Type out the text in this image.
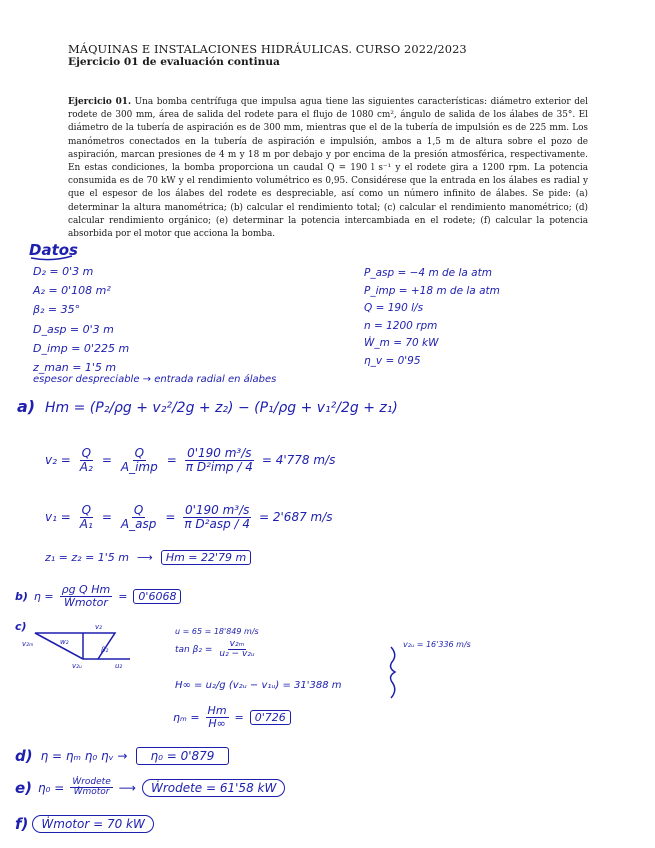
MÁQUINAS E INSTALACIONES HIDRÁULICAS. CURSO 2022/2023
Ejercicio 01 de evaluación continua
Ejercicio 01. Una bomba centrífuga que impulsa agua tiene las siguientes características: diámetro exterior del rodete de 300 mm, área de salida del rodete para el flujo de 1080 cm², ángulo de salida de los álabes de 35°. El diámetro de la tubería de aspiración es de 300 mm, mientras que el de la tubería de impulsión es de 225 mm. Los manómetros conectados en la tubería de aspiración e impulsión, ambos a 1,5 m de altura sobre el pozo de aspiración, marcan presiones de 4 m y 18 m por debajo y por encima de la presión atmosférica, respectivamente. En estas condiciones, la bomba proporciona un caudal Q = 190 l s⁻¹ y el rodete gira a 1200 rpm. La potencia consumida es de 70 kW y el rendimiento volumétrico es 0,95. Considérese que la entrada en los álabes es radial y que el espesor de los álabes del rodete es despreciable, así como un número infinito de álabes. Se pide: (a) determinar la altura manométrica; (b) calcular el rendimiento total; (c) calcular el rendimiento manométrico; (d) calcular rendimiento orgánico; (e) determinar la potencia intercambiada en el rodete; (f) calcular la potencia absorbida por el motor que acciona la bomba.
Datos
D₂ = 0'3 m
A₂ = 0'108 m²
β₂ = 35°
D_asp = 0'3 m
D_imp = 0'225 m
z_man = 1'5 m
P_asp = −4 m de la atm
P_imp = +18 m de la atm
Q = 190 l/s
n = 1200 rpm
Ẇ_m = 70 kW
η_v = 0'95
espesor despreciable → entrada radial en álabes
a) Hm = (P₂/ρg + v₂²/2g + z₂) − (P₁/ρg + v₁²/2g + z₁)
$v_2 = \frac{Q}{\text{A₂}}$ =
Q
A_imp =
0'190 m³/s
π D²imp / 4 = 4'778 m/s
$v_1 = \frac{Q}{\text{A₁}}$ =
Q
A_asp =
0'190 m³/s
π D²asp / 4 = 2'687 m/s
z₁ = z₂ = 1'5 m ⟶	Hm = 22'79 m
b) η =
ρg Q Hm
Ẇmotor =	0'6068
c)	v₂
w₂
v₂ₘ
β₂
v₂ᵤ	u₂
u = 65 = 18'849 m/s
$\tan \beta_2 = \frac{\text{v₂ₘ}}{\text{u₂ − v₂ᵤ}}$	v₂ᵤ = 16'336 m/s
H∞ = u₂/g (v₂ᵤ − v₁ᵤ) = 31'388 m
$\eta_m = \frac{Hm}{H\infty}$ =	0'726
d) η = ηₘ η₀ ηᵥ →	η₀ = 0'879
e) η₀ = Ẇrodete
Ẇmotor ⟶	Ẇrodete = 61'58 kW
f)	Ẇmotor = 70 kW
